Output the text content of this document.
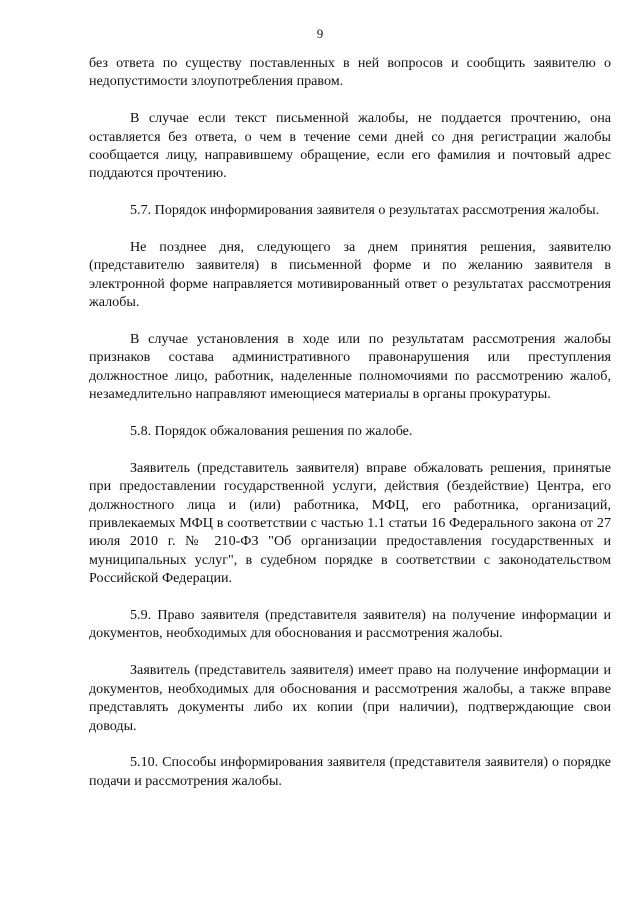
9

без ответа по существу поставленных в ней вопросов и сообщить заявителю о недопустимости злоупотребления правом.

В случае если текст письменной жалобы, не поддается прочтению, она оставляется без ответа, о чем в течение семи дней со дня регистрации жалобы сообщается лицу, направившему обращение, если его фамилия и почтовый адрес поддаются прочтению.

5.7. Порядок информирования заявителя о результатах рассмотрения жалобы.

Не позднее дня, следующего за днем принятия решения, заявителю (представителю заявителя) в письменной форме и по желанию заявителя в электронной форме направляется мотивированный ответ о результатах рассмотрения жалобы.

В случае установления в ходе или по результатам рассмотрения жалобы признаков состава административного правонарушения или преступления должностное лицо, работник, наделенные полномочиями по рассмотрению жалоб, незамедлительно направляют имеющиеся материалы в органы прокуратуры.

5.8. Порядок обжалования решения по жалобе.

Заявитель (представитель заявителя) вправе обжаловать решения, принятые при предоставлении государственной услуги, действия (бездействие) Центра, его должностного лица и (или) работника, МФЦ, его работника, организаций, привлекаемых МФЦ в соответствии с частью 1.1 статьи 16 Федерального закона от 27 июля 2010 г. № 210-ФЗ "Об организации предоставления государственных и муниципальных услуг", в судебном порядке в соответствии с законодательством Российской Федерации.

5.9. Право заявителя (представителя заявителя) на получение информации и документов, необходимых для обоснования и рассмотрения жалобы.

Заявитель (представитель заявителя) имеет право на получение информации и документов, необходимых для обоснования и рассмотрения жалобы, а также вправе представлять документы либо их копии (при наличии), подтверждающие свои доводы.

5.10. Способы информирования заявителя (представителя заявителя) о порядке подачи и рассмотрения жалобы.
